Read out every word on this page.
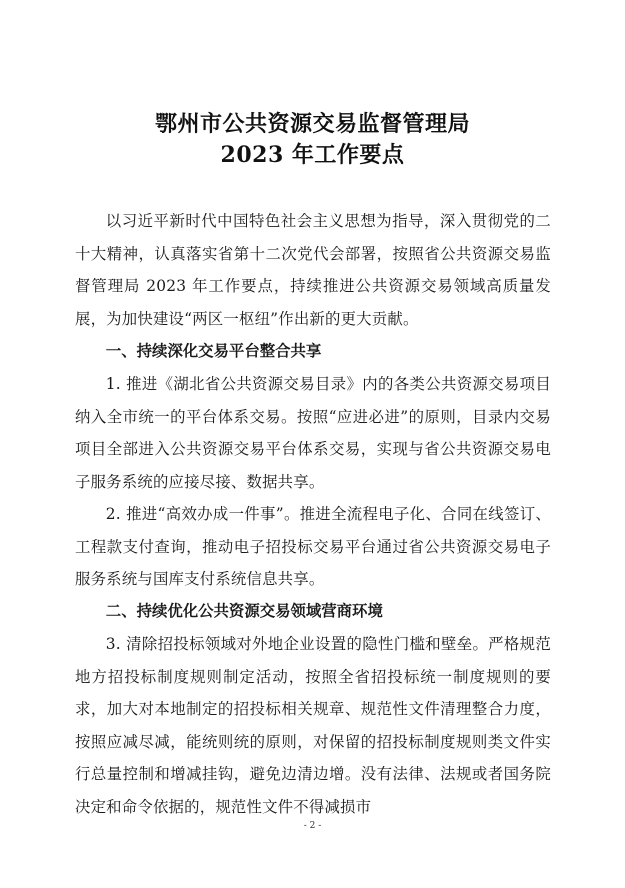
鄂州市公共资源交易监督管理局
2023 年工作要点
以习近平新时代中国特色社会主义思想为指导，深入贯彻党的二十大精神，认真落实省第十二次党代会部署，按照省公共资源交易监督管理局 2023 年工作要点，持续推进公共资源交易领域高质量发展，为加快建设“两区一枢纽”作出新的更大贡献。
一、持续深化交易平台整合共享
1. 推进《湖北省公共资源交易目录》内的各类公共资源交易项目纳入全市统一的平台体系交易。按照“应进必进”的原则，目录内交易项目全部进入公共资源交易平台体系交易，实现与省公共资源交易电子服务系统的应接尽接、数据共享。
2. 推进“高效办成一件事”。推进全流程电子化、合同在线签订、工程款支付查询，推动电子招投标交易平台通过省公共资源交易电子服务系统与国库支付系统信息共享。
二、持续优化公共资源交易领域营商环境
3. 清除招投标领域对外地企业设置的隐性门槛和壁垒。严格规范地方招投标制度规则制定活动，按照全省招投标统一制度规则的要求，加大对本地制定的招投标相关规章、规范性文件清理整合力度，按照应减尽减，能统则统的原则，对保留的招投标制度规则类文件实行总量控制和增减挂钩，避免边清边增。没有法律、法规或者国务院决定和命令依据的，规范性文件不得减损市
- 2 -
